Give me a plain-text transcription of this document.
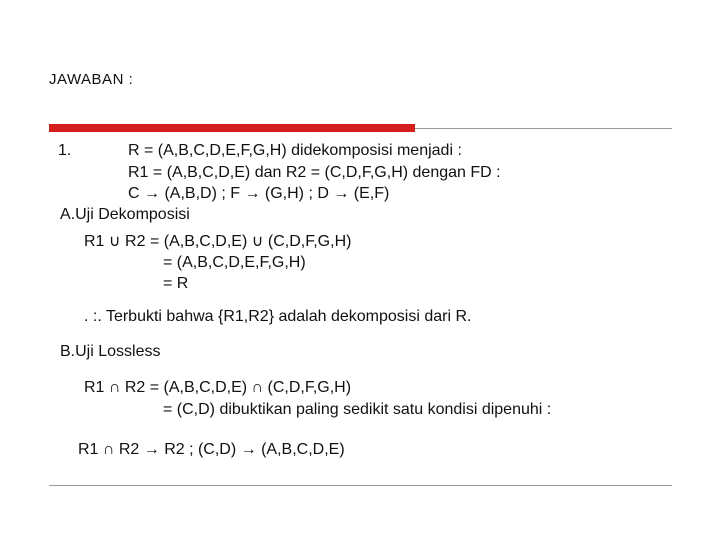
JAWABAN :
1.	R = (A,B,C,D,E,F,G,H) didekomposisi menjadi :
R1 = (A,B,C,D,E) dan R2 = (C,D,F,G,H) dengan FD :
C → (A,B,D) ; F → (G,H) ; D → (E,F)
A.Uji Dekomposisi
R1 ∪ R2 = (A,B,C,D,E) ∪ (C,D,F,G,H)
= (A,B,C,D,E,F,G,H)
= R
. :. Terbukti bahwa {R1,R2} adalah dekomposisi dari R.
B.Uji Lossless
R1 ∩ R2 = (A,B,C,D,E) ∩ (C,D,F,G,H)
= (C,D) dibuktikan paling sedikit satu kondisi dipenuhi :
R1 ∩ R2 → R2 ; (C,D) → (A,B,C,D,E)
